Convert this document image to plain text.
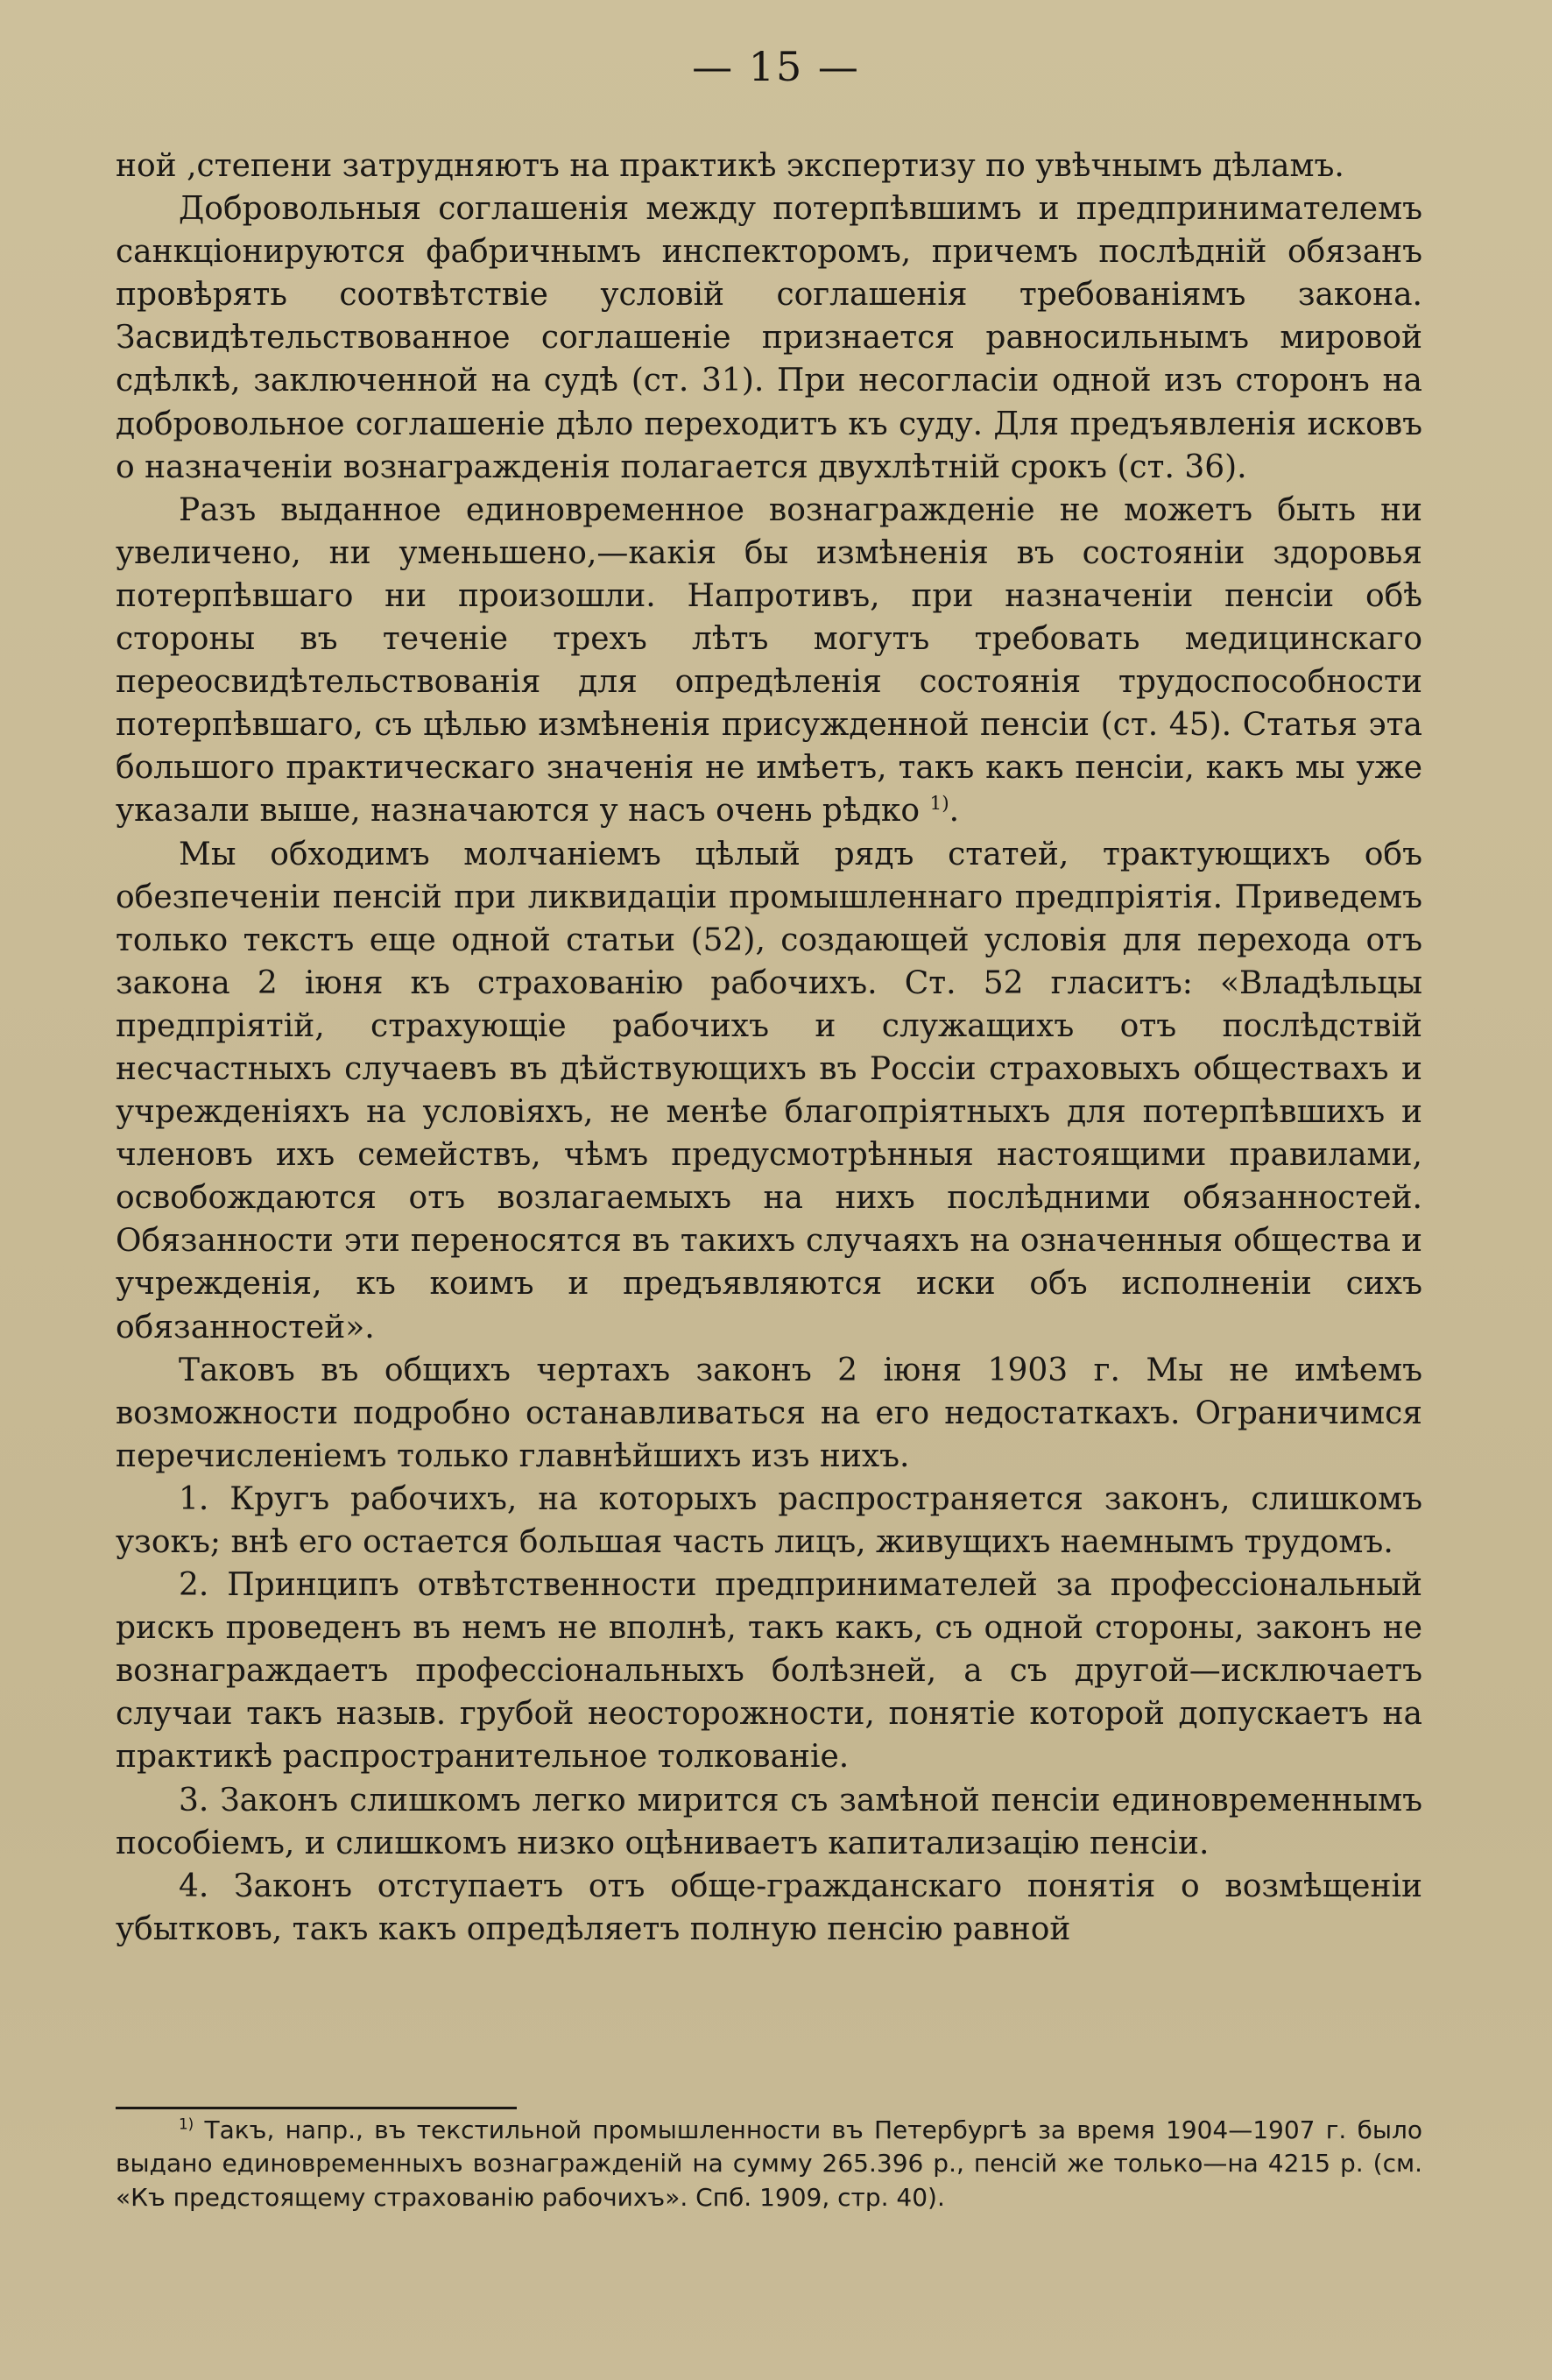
— 15 —

ной ,степени затрудняютъ на практикѣ экспертизу по увѣчнымъ дѣламъ.

Добровольныя соглашенія между потерпѣвшимъ и предпринимателемъ санкціонируются фабричнымъ инспекторомъ, причемъ послѣдній обязанъ провѣрять соотвѣтствіе условій соглашенія требованіямъ закона. Засвидѣтельствованное соглашеніе признается равносильнымъ мировой сдѣлкѣ, заключенной на судѣ (ст. 31). При несогласіи одной изъ сторонъ на добровольное соглашеніе дѣло переходитъ къ суду. Для предъявленія исковъ о назначеніи вознагражденія полагается двухлѣтній срокъ (ст. 36).

Разъ выданное единовременное вознагражденіе не можетъ быть ни увеличено, ни уменьшено,—какія бы измѣненія въ состояніи здоровья потерпѣвшаго ни произошли. Напротивъ, при назначеніи пенсіи обѣ стороны въ теченіе трехъ лѣтъ могутъ требовать медицинскаго переосвидѣтельствованія для опредѣленія состоянія трудоспособности потерпѣвшаго, съ цѣлью измѣненія присужденной пенсіи (ст. 45). Статья эта большого практическаго значенія не имѣетъ, такъ какъ пенсіи, какъ мы уже указали выше, назначаются у насъ очень рѣдко $^{1)}$.

Мы обходимъ молчаніемъ цѣлый рядъ статей, трактующихъ объ обезпеченіи пенсій при ликвидаціи промышленнаго предпріятія. Приведемъ только текстъ еще одной статьи (52), создающей условія для перехода отъ закона 2 іюня къ страхованію рабочихъ. Ст. 52 гласитъ: «Владѣльцы предпріятій, страхующіе рабочихъ и служащихъ отъ послѣдствій несчастныхъ случаевъ въ дѣйствующихъ въ Россіи страховыхъ обществахъ и учрежденіяхъ на условіяхъ, не менѣе благопріятныхъ для потерпѣвшихъ и членовъ ихъ семействъ, чѣмъ предусмотрѣнныя настоящими правилами, освобождаются отъ возлагаемыхъ на нихъ послѣдними обязанностей. Обязанности эти переносятся въ такихъ случаяхъ на означенныя общества и учрежденія, къ коимъ и предъявляются иски объ исполненіи сихъ обязанностей».

Таковъ въ общихъ чертахъ законъ 2 іюня 1903 г. Мы не имѣемъ возможности подробно останавливаться на его недостаткахъ. Ограничимся перечисленіемъ только главнѣйшихъ изъ нихъ.

1. Кругъ рабочихъ, на которыхъ распространяется законъ, слишкомъ узокъ; внѣ его остается большая часть лицъ, живущихъ наемнымъ трудомъ.

2. Принципъ отвѣтственности предпринимателей за профессіональный рискъ проведенъ въ немъ не вполнѣ, такъ какъ, съ одной стороны, законъ не вознаграждаетъ профессіональныхъ болѣзней, а съ другой—исключаетъ случаи такъ назыв. грубой неосторожности, понятіе которой допускаетъ на практикѣ распространительное толкованіе.

3. Законъ слишкомъ легко мирится съ замѣной пенсіи единовременнымъ пособіемъ, и слишкомъ низко оцѣниваетъ капитализацію пенсіи.

4. Законъ отступаетъ отъ обще-гражданскаго понятія о возмѣщеніи убытковъ, такъ какъ опредѣляетъ полную пенсію равной

$^{1)}$ Такъ, напр., въ текстильной промышленности въ Петербургѣ за время 1904—1907 г. было выдано единовременныхъ вознагражденій на сумму 265.396 р., пенсій же только—на 4215 р. (см. «Къ предстоящему страхованію рабочихъ». Спб. 1909, стр. 40).
